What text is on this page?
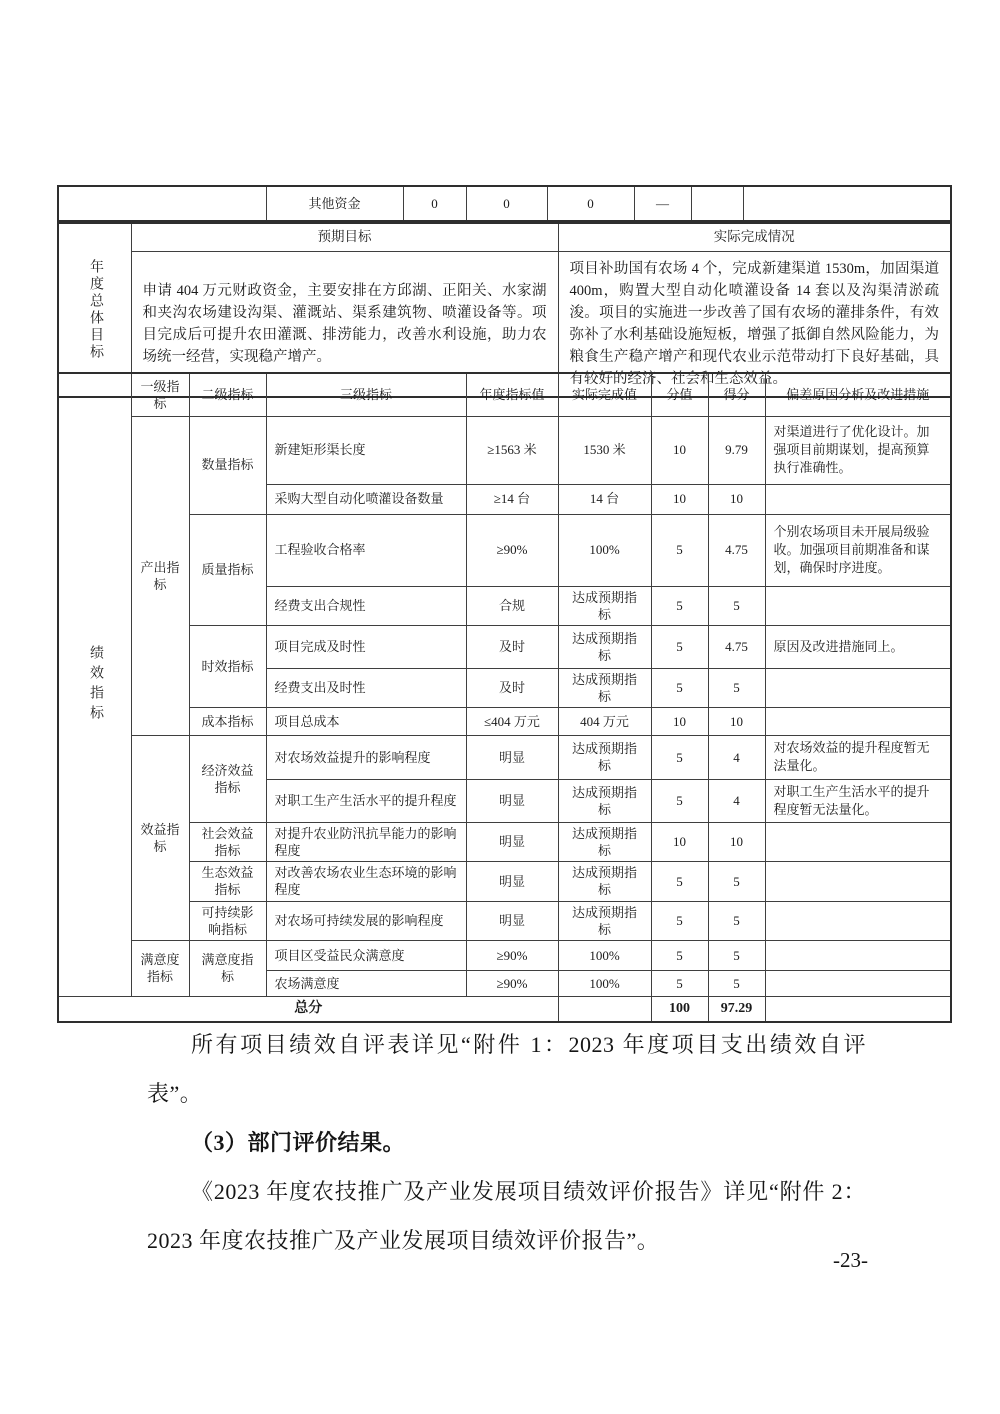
	其他资金	0	0	0	—		
年度总体目标	预期目标	实际完成情况
	申请 404 万元财政资金，主要安排在方邱湖、正阳关、水家湖和夹沟农场建设沟渠、灌溉站、渠系建筑物、喷灌设备等。项目完成后可提升农田灌溉、排涝能力，改善水利设施，助力农场统一经营，实现稳产增产。	项目补助国有农场 4 个，完成新建渠道 1530m，加固渠道 400m，购置大型自动化喷灌设备 14 套以及沟渠清淤疏浚。项目的实施进一步改善了国有农场的灌排条件，有效弥补了水利基础设施短板，增强了抵御自然风险能力，为粮食生产稳产增产和现代农业示范带动打下良好基础，具有较好的经济、社会和生态效益。
绩效指标	一级指标	二级指标	三级指标	年度指标值	实际完成值	分值	得分	偏差原因分析及改进措施
	产出指标	数量指标	新建矩形渠长度	≥1563 米	1530 米	10	9.79	对渠道进行了优化设计。加强项目前期谋划，提高预算执行准确性。
			采购大型自动化喷灌设备数量	≥14 台	14 台	10	10	
		质量指标	工程验收合格率	≥90%	100%	5	4.75	个别农场项目未开展局级验收。加强项目前期准备和谋划，确保时序进度。
			经费支出合规性	合规	达成预期指标	5	5	
		时效指标	项目完成及时性	及时	达成预期指标	5	4.75	原因及改进措施同上。
			经费支出及时性	及时	达成预期指标	5	5	
		成本指标	项目总成本	≤404 万元	404 万元	10	10	
	效益指标	经济效益指标	对农场效益提升的影响程度	明显	达成预期指标	5	4	对农场效益的提升程度暂无法量化。
			对职工生产生活水平的提升程度	明显	达成预期指标	5	4	对职工生产生活水平的提升程度暂无法量化。
		社会效益指标	对提升农业防汛抗旱能力的影响程度	明显	达成预期指标	10	10	
		生态效益指标	对改善农场农业生态环境的影响程度	明显	达成预期指标	5	5	
		可持续影响指标	对农场可持续发展的影响程度	明显	达成预期指标	5	5	
	满意度指标	满意度指标	项目区受益民众满意度	≥90%	100%	5	5	
			农场满意度	≥90%	100%	5	5	
总分						100	97.29	

所有项目绩效自评表详见“附件 1：2023 年度项目支出绩效自评表”。

（3）部门评价结果。

《2023 年度农技推广及产业发展项目绩效评价报告》详见“附件 2：2023 年度农技推广及产业发展项目绩效评价报告”。

-23-
